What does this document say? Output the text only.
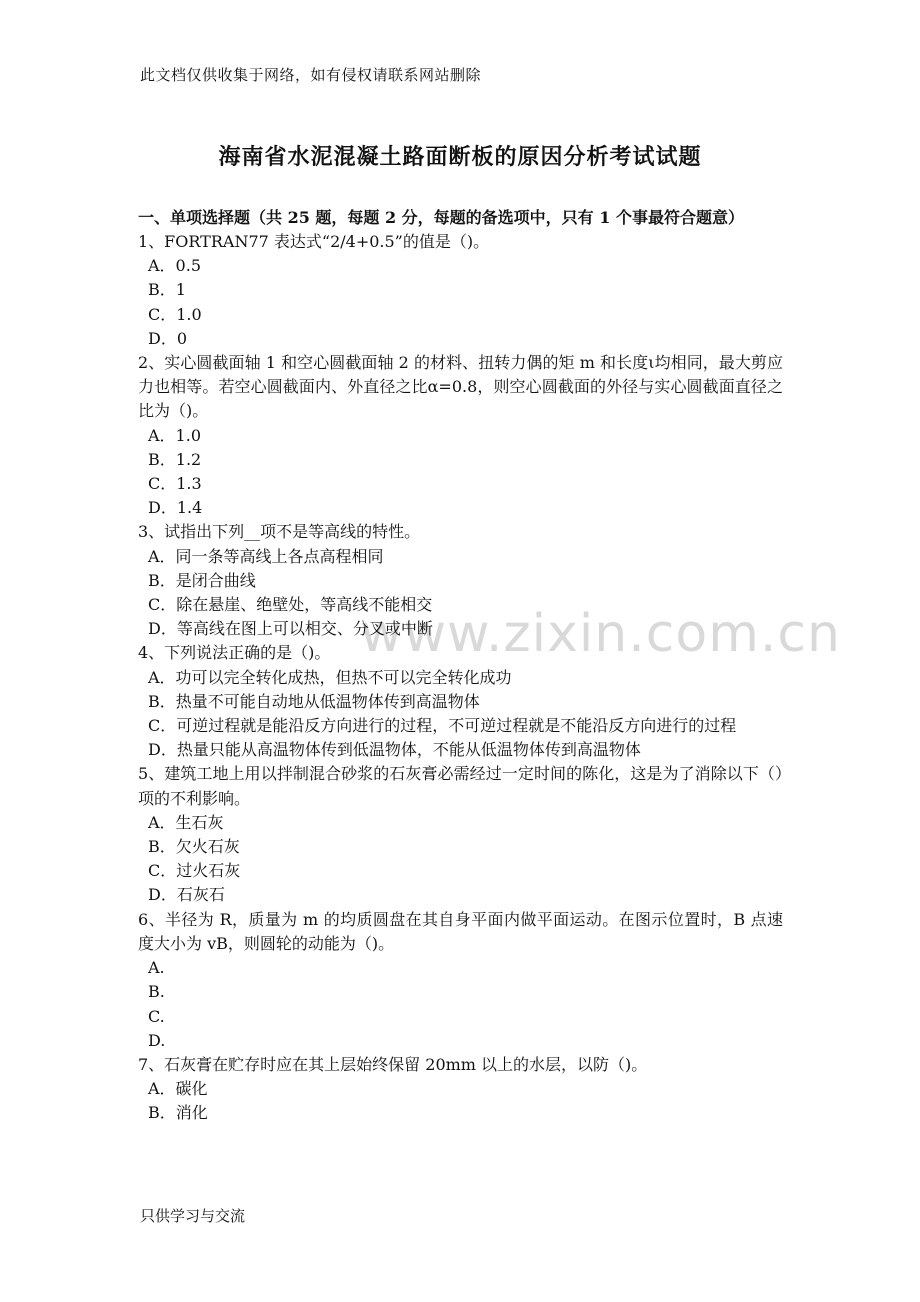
此文档仅供收集于网络，如有侵权请联系网站删除
海南省水泥混凝土路面断板的原因分析考试试题
www.zixin.com.cn
一、单项选择题（共 25 题，每题 2 分，每题的备选项中，只有 1 个事最符合题意）
1、FORTRAN77 表达式“2/4+0.5”的值是（)。
A．0.5
B．1
C．1.0
D．0
2、实心圆截面轴 1 和空心圆截面轴 2 的材料、扭转力偶的矩 m 和长度ι均相同，最大剪应力也相等。若空心圆截面内、外直径之比α=0.8，则空心圆截面的外径与实心圆截面直径之比为（)。
A．1.0
B．1.2
C．1.3
D．1.4
3、试指出下列__项不是等高线的特性。
A．同一条等高线上各点高程相同
B．是闭合曲线
C．除在悬崖、绝壁处，等高线不能相交
D．等高线在图上可以相交、分叉或中断
4、下列说法正确的是（)。
A．功可以完全转化成热，但热不可以完全转化成功
B．热量不可能自动地从低温物体传到高温物体
C．可逆过程就是能沿反方向进行的过程，不可逆过程就是不能沿反方向进行的过程
D．热量只能从高温物体传到低温物体，不能从低温物体传到高温物体
5、建筑工地上用以拌制混合砂浆的石灰膏必需经过一定时间的陈化，这是为了消除以下（）项的不利影响。
A．生石灰
B．欠火石灰
C．过火石灰
D．石灰石
6、半径为 R，质量为 m 的均质圆盘在其自身平面内做平面运动。在图示位置时，B 点速度大小为 vB，则圆轮的动能为（)。
A.
B.
C.
D.
7、石灰膏在贮存时应在其上层始终保留 20mm 以上的水层，以防（)。
A．碳化
B．消化
只供学习与交流
